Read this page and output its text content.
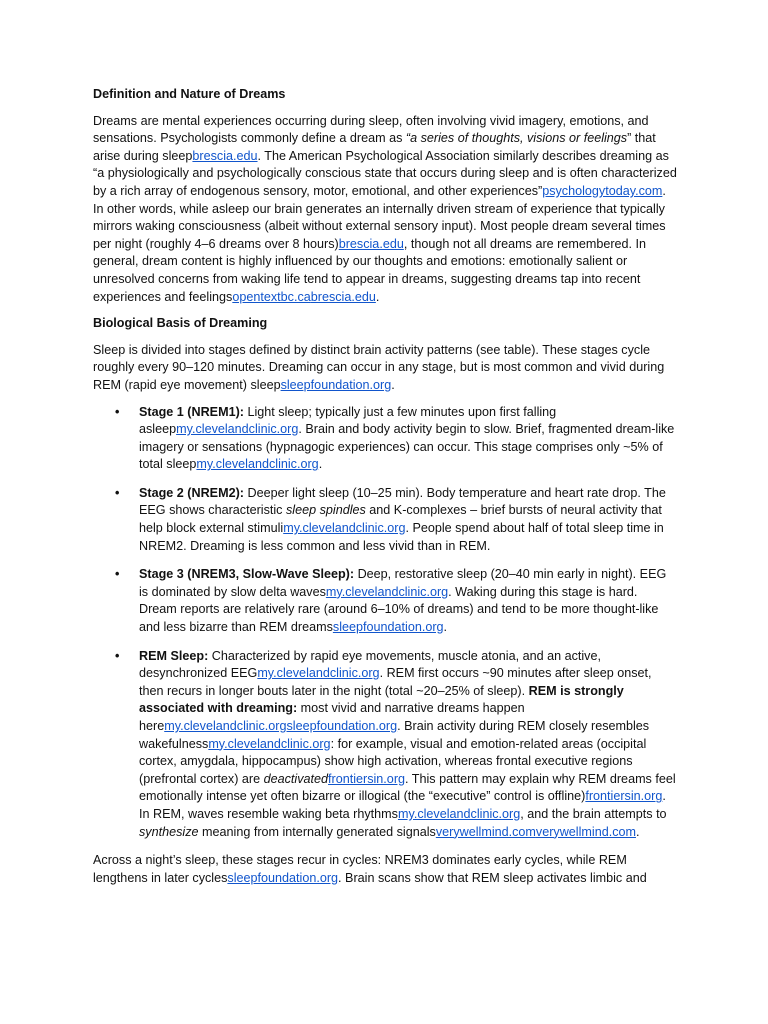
Definition and Nature of Dreams

Dreams are mental experiences occurring during sleep, often involving vivid imagery, emotions, and sensations. Psychologists commonly define a dream as “a series of thoughts, visions or feelings” that arise during sleepbrescia.edu. The American Psychological Association similarly describes dreaming as “a physiologically and psychologically conscious state that occurs during sleep and is often characterized by a rich array of endogenous sensory, motor, emotional, and other experiences”psychologytoday.com. In other words, while asleep our brain generates an internally driven stream of experience that typically mirrors waking consciousness (albeit without external sensory input). Most people dream several times per night (roughly 4–6 dreams over 8 hours)brescia.edu, though not all dreams are remembered. In general, dream content is highly influenced by our thoughts and emotions: emotionally salient or unresolved concerns from waking life tend to appear in dreams, suggesting dreams tap into recent experiences and feelingsopentextbc.cabrescia.edu.

Biological Basis of Dreaming

Sleep is divided into stages defined by distinct brain activity patterns (see table). These stages cycle roughly every 90–120 minutes. Dreaming can occur in any stage, but is most common and vivid during REM (rapid eye movement) sleepsleepfoundation.org.

• Stage 1 (NREM1): Light sleep; typically just a few minutes upon first falling asleepmy.clevelandclinic.org. Brain and body activity begin to slow. Brief, fragmented dream-like imagery or sensations (hypnagogic experiences) can occur. This stage comprises only ~5% of total sleepmy.clevelandclinic.org.
• Stage 2 (NREM2): Deeper light sleep (10–25 min). Body temperature and heart rate drop. The EEG shows characteristic sleep spindles and K-complexes – brief bursts of neural activity that help block external stimulimy.clevelandclinic.org. People spend about half of total sleep time in NREM2. Dreaming is less common and less vivid than in REM.
• Stage 3 (NREM3, Slow-Wave Sleep): Deep, restorative sleep (20–40 min early in night). EEG is dominated by slow delta wavesmy.clevelandclinic.org. Waking during this stage is hard. Dream reports are relatively rare (around 6–10% of dreams) and tend to be more thought-like and less bizarre than REM dreamssleepfoundation.org.
• REM Sleep: Characterized by rapid eye movements, muscle atonia, and an active, desynchronized EEGmy.clevelandclinic.org. REM first occurs ~90 minutes after sleep onset, then recurs in longer bouts later in the night (total ~20–25% of sleep). REM is strongly associated with dreaming: most vivid and narrative dreams happen heremy.clevelandclinic.orgsleepfoundation.org. Brain activity during REM closely resembles wakefulnessmy.clevelandclinic.org: for example, visual and emotion-related areas (occipital cortex, amygdala, hippocampus) show high activation, whereas frontal executive regions (prefrontal cortex) are deactivatedfrontiersin.org. This pattern may explain why REM dreams feel emotionally intense yet often bizarre or illogical (the “executive” control is offline)frontiersin.org. In REM, waves resemble waking beta rhythmsmy.clevelandclinic.org, and the brain attempts to synthesize meaning from internally generated signalsverywellmind.comverywellmind.com.

Across a night’s sleep, these stages recur in cycles: NREM3 dominates early cycles, while REM lengthens in later cyclessleepfoundation.org. Brain scans show that REM sleep activates limbic and
